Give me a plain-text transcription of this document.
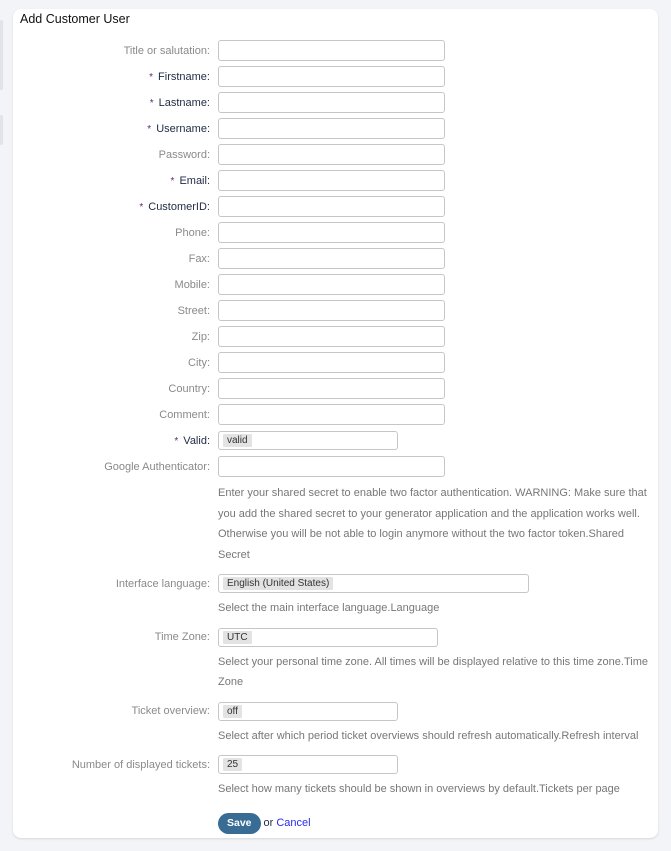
Add Customer User
Title or salutation:
* Firstname:
* Lastname:
* Username:
Password:
* Email:
* CustomerID:
Phone:
Fax:
Mobile:
Street:
Zip:
City:
Country:
Comment:
* Valid:	valid
Google Authenticator:
Enter your shared secret to enable two factor authentication. WARNING: Make sure that you add the shared secret to your generator application and the application works well. Otherwise you will be not able to login anymore without the two factor token.Shared Secret
Interface language:	English (United States)
Select the main interface language.Language
Time Zone:	UTC
Select your personal time zone. All times will be displayed relative to this time zone.Time Zone
Ticket overview:	off
Select after which period ticket overviews should refresh automatically.Refresh interval
Number of displayed tickets:	25
Select how many tickets should be shown in overviews by default.Tickets per page
Save	or Cancel
